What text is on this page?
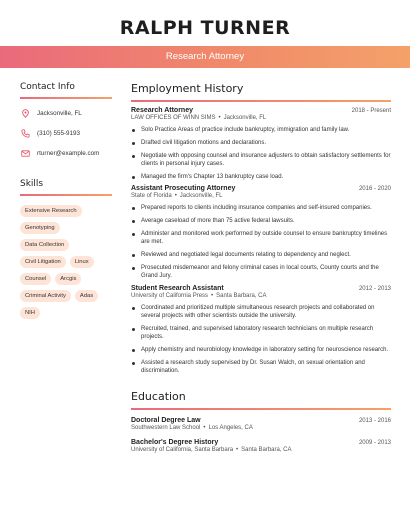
RALPH TURNER
Research Attorney
Contact Info
Jacksonville, FL
(310) 555-9193
rturner@example.com
Skills
Extensive Research
Genotyping
Data Collection
Civil Litigation	Linux
Counsel	Arcgis
Criminal Activity	Adas
NIH
Employment History
Research Attorney	2018 - Present
LAW OFFICES OF WINN SIMS • Jacksonville, FL
Solo Practice Areas of practice include bankruptcy, immigration and family law.
Drafted civil litigation motions and declarations.
Negotiate with opposing counsel and insurance adjusters to obtain satisfactory settlements for clients in personal injury cases.
Managed the firm's Chapter 13 bankruptcy case load.
Assistant Prosecuting Attorney	2016 - 2020
State of Florida • Jacksonville, FL
Prepared reports to clients including insurance companies and self-insured companies.
Average caseload of more than 75 active federal lawsuits.
Administer and monitored work performed by outside counsel to ensure bankruptcy timelines are met.
Reviewed and negotiated legal documents relating to dependency and neglect.
Prosecuted misdemeanor and felony criminal cases in local courts, County courts and the Grand Jury.
Student Research Assistant	2012 - 2013
University of California Press • Santa Barbara, CA
Coordinated and prioritized multiple simultaneous research projects and collaborated on several projects with other scientists outside the university.
Recruited, trained, and supervised laboratory research technicians on multiple research projects.
Apply chemistry and neurobiology knowledge in laboratory setting for neuroscience research.
Assisted a research study supervised by Dr. Susan Walch, on sexual orientation and discrimination.
Education
Doctoral Degree Law	2013 - 2016
Southwestern Law School • Los Angeles, CA
Bachelor's Degree History	2009 - 2013
University of California, Santa Barbara • Santa Barbara, CA
